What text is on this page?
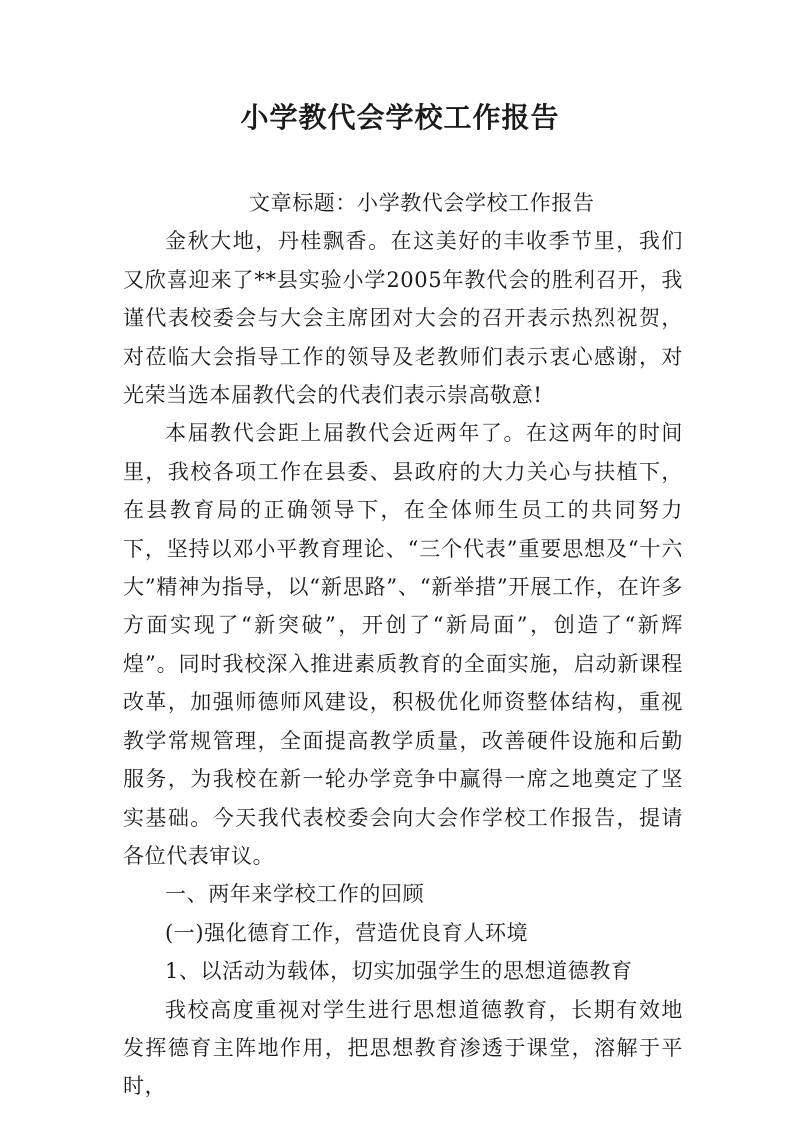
小学教代会学校工作报告

文章标题：小学教代会学校工作报告

金秋大地，丹桂飘香。在这美好的丰收季节里，我们又欣喜迎来了**县实验小学2005年教代会的胜利召开，我谨代表校委会与大会主席团对大会的召开表示热烈祝贺，对莅临大会指导工作的领导及老教师们表示衷心感谢，对光荣当选本届教代会的代表们表示崇高敬意!

本届教代会距上届教代会近两年了。在这两年的时间里，我校各项工作在县委、县政府的大力关心与扶植下，在县教育局的正确领导下，在全体师生员工的共同努力下，坚持以邓小平教育理论、“三个代表”重要思想及“十六大”精神为指导，以“新思路”、“新举措”开展工作，在许多方面实现了“新突破”，开创了“新局面”，创造了“新辉煌”。同时我校深入推进素质教育的全面实施，启动新课程改革，加强师德师风建设，积极优化师资整体结构，重视教学常规管理，全面提高教学质量，改善硬件设施和后勤服务，为我校在新一轮办学竞争中赢得一席之地奠定了坚实基础。今天我代表校委会向大会作学校工作报告，提请各位代表审议。

一、两年来学校工作的回顾

(一)强化德育工作，营造优良育人环境

1、以活动为载体，切实加强学生的思想道德教育

我校高度重视对学生进行思想道德教育，长期有效地发挥德育主阵地作用，把思想教育渗透于课堂，溶解于平时，
